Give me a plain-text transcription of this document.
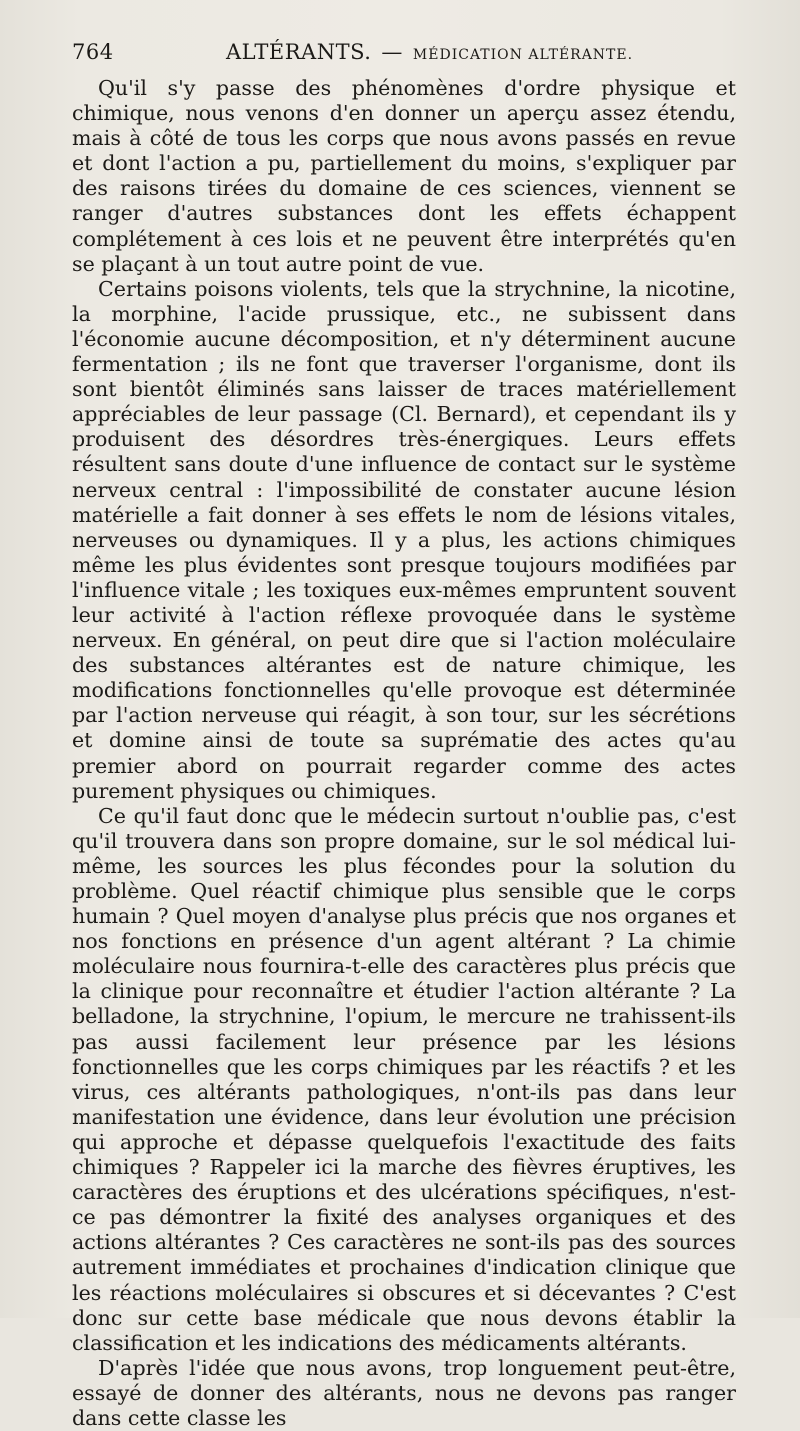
764	ALTÉRANTS. — MÉDICATION ALTÉRANTE.

Qu'il s'y passe des phénomènes d'ordre physique et chimique, nous venons d'en donner un aperçu assez étendu, mais à côté de tous les corps que nous avons passés en revue et dont l'action a pu, partiellement du moins, s'expliquer par des raisons tirées du domaine de ces sciences, viennent se ranger d'autres substances dont les effets échappent complétement à ces lois et ne peuvent être interprétés qu'en se plaçant à un tout autre point de vue.

Certains poisons violents, tels que la strychnine, la nicotine, la morphine, l'acide prussique, etc., ne subissent dans l'économie aucune décomposition, et n'y déterminent aucune fermentation ; ils ne font que traverser l'organisme, dont ils sont bientôt éliminés sans laisser de traces matériellement appréciables de leur passage (Cl. Bernard), et cependant ils y produisent des désordres très-énergiques. Leurs effets résultent sans doute d'une influence de contact sur le système nerveux central : l'impossibilité de constater aucune lésion matérielle a fait donner à ses effets le nom de lésions vitales, nerveuses ou dynamiques. Il y a plus, les actions chimiques même les plus évidentes sont presque toujours modifiées par l'influence vitale ; les toxiques eux-mêmes empruntent souvent leur activité à l'action réflexe provoquée dans le système nerveux. En général, on peut dire que si l'action moléculaire des substances altérantes est de nature chimique, les modifications fonctionnelles qu'elle provoque est déterminée par l'action nerveuse qui réagit, à son tour, sur les sécrétions et domine ainsi de toute sa suprématie des actes qu'au premier abord on pourrait regarder comme des actes purement physiques ou chimiques.

Ce qu'il faut donc que le médecin surtout n'oublie pas, c'est qu'il trouvera dans son propre domaine, sur le sol médical lui-même, les sources les plus fécondes pour la solution du problème. Quel réactif chimique plus sensible que le corps humain ? Quel moyen d'analyse plus précis que nos organes et nos fonctions en présence d'un agent altérant ? La chimie moléculaire nous fournira-t-elle des caractères plus précis que la clinique pour reconnaître et étudier l'action altérante ? La belladone, la strychnine, l'opium, le mercure ne trahissent-ils pas aussi facilement leur présence par les lésions fonctionnelles que les corps chimiques par les réactifs ? et les virus, ces altérants pathologiques, n'ont-ils pas dans leur manifestation une évidence, dans leur évolution une précision qui approche et dépasse quelquefois l'exactitude des faits chimiques ? Rappeler ici la marche des fièvres éruptives, les caractères des éruptions et des ulcérations spécifiques, n'est-ce pas démontrer la fixité des analyses organiques et des actions altérantes ? Ces caractères ne sont-ils pas des sources autrement immédiates et prochaines d'indication clinique que les réactions moléculaires si obscures et si décevantes ? C'est donc sur cette base médicale que nous devons établir la classification et les indications des médicaments altérants.

D'après l'idée que nous avons, trop longuement peut-être, essayé de donner des altérants, nous ne devons pas ranger dans cette classe les
